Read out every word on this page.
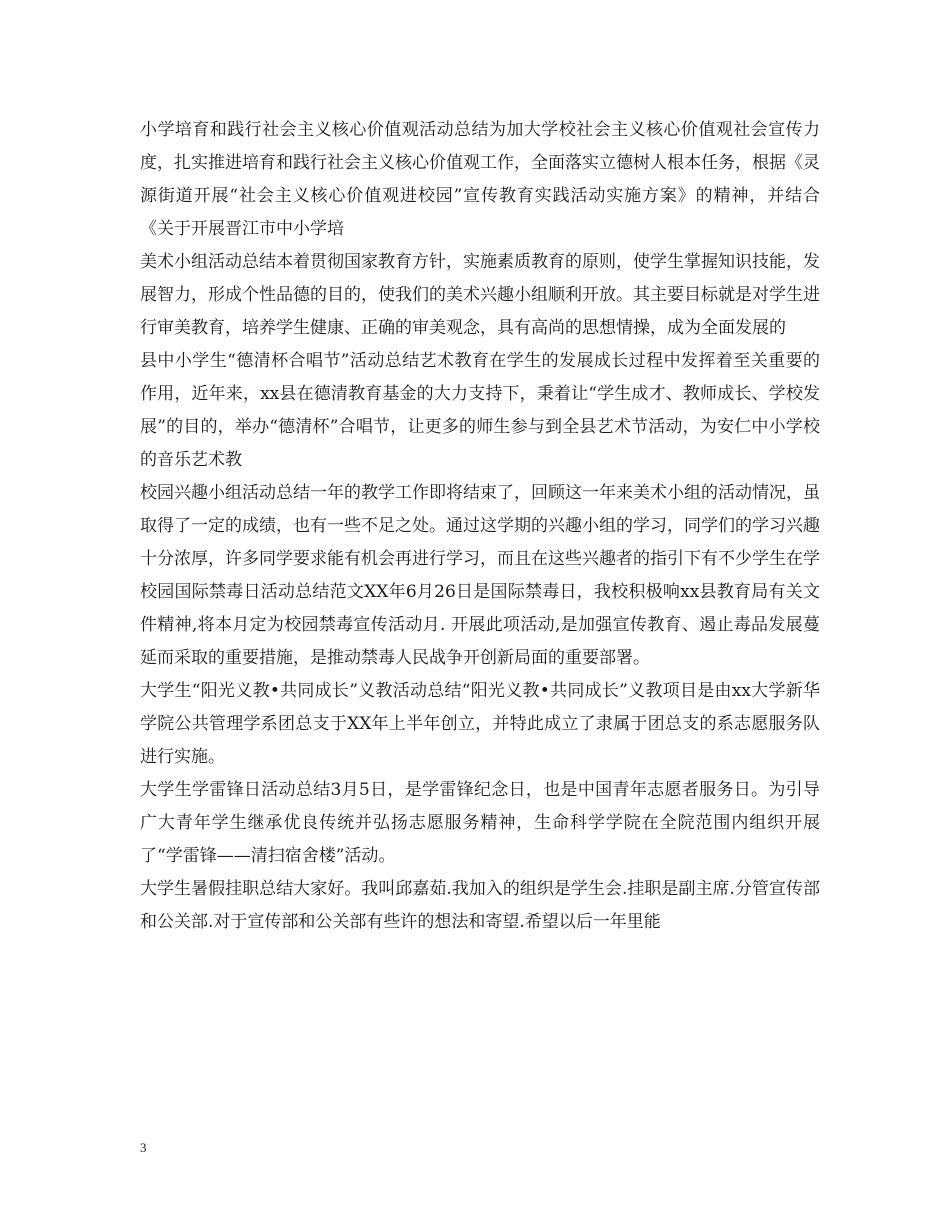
小学培育和践行社会主义核心价值观活动总结为加大学校社会主义核心价值观社会宣传力度，扎实推进培育和践行社会主义核心价值观工作，全面落实立德树人根本任务，根据《灵源街道开展“社会主义核心价值观进校园”宣传教育实践活动实施方案》的精神，并结合《关于开展晋江市中小学培

美术小组活动总结本着贯彻国家教育方针，实施素质教育的原则，使学生掌握知识技能，发展智力，形成个性品德的目的，使我们的美术兴趣小组顺利开放。其主要目标就是对学生进行审美教育，培养学生健康、正确的审美观念，具有高尚的思想情操，成为全面发展的

县中小学生“德清杯合唱节”活动总结艺术教育在学生的发展成长过程中发挥着至关重要的作用，近年来，xx县在德清教育基金的大力支持下，秉着让“学生成才、教师成长、学校发展”的目的，举办“德清杯”合唱节，让更多的师生参与到全县艺术节活动，为安仁中小学校的音乐艺术教

校园兴趣小组活动总结一年的教学工作即将结束了，回顾这一年来美术小组的活动情况，虽取得了一定的成绩，也有一些不足之处。通过这学期的兴趣小组的学习，同学们的学习兴趣十分浓厚，许多同学要求能有机会再进行学习，而且在这些兴趣者的指引下有不少学生在学

校园国际禁毒日活动总结范文XX年6月26日是国际禁毒日，我校积极响xx县教育局有关文件精神,将本月定为校园禁毒宣传活动月. 开展此项活动,是加强宣传教育、遏止毒品发展蔓延而采取的重要措施，是推动禁毒人民战争开创新局面的重要部署。

大学生“阳光义教•共同成长”义教活动总结“阳光义教•共同成长”义教项目是由xx大学新华学院公共管理学系团总支于XX年上半年创立，并特此成立了隶属于团总支的系志愿服务队进行实施。

大学生学雷锋日活动总结3月5日，是学雷锋纪念日，也是中国青年志愿者服务日。为引导广大青年学生继承优良传统并弘扬志愿服务精神，生命科学学院在全院范围内组织开展了“学雷锋——清扫宿舍楼”活动。

大学生暑假挂职总结大家好。我叫邱嘉茹.我加入的组织是学生会.挂职是副主席.分管宣传部和公关部.对于宣传部和公关部有些许的想法和寄望.希望以后一年里能

3
